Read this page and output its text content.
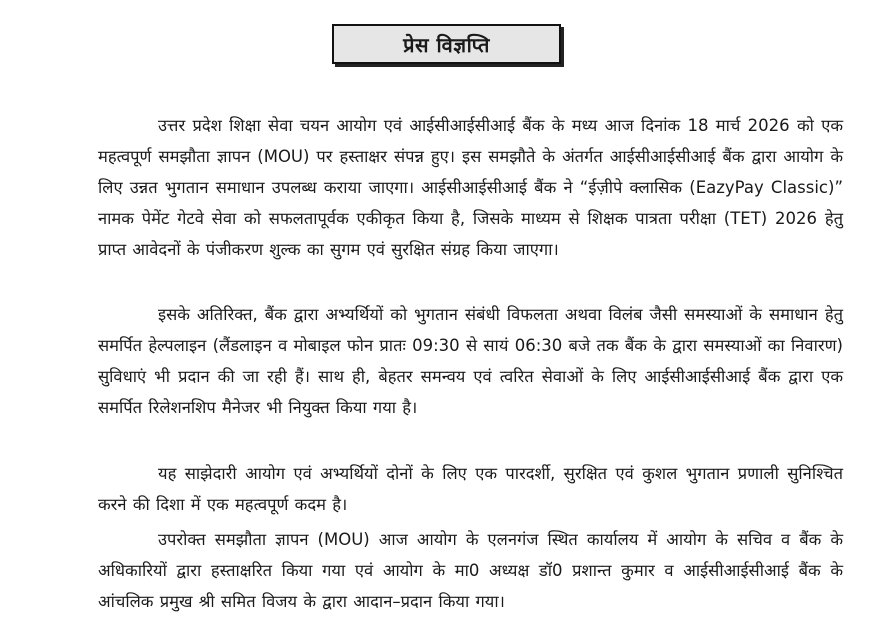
प्रेस विज्ञप्ति

उत्तर प्रदेश शिक्षा सेवा चयन आयोग एवं आईसीआईसीआई बैंक के मध्य आज दिनांक 18 मार्च 2026 को एक महत्वपूर्ण समझौता ज्ञापन (MOU) पर हस्ताक्षर संपन्न हुए। इस समझौते के अंतर्गत आईसीआईसीआई बैंक द्वारा आयोग के लिए उन्नत भुगतान समाधान उपलब्ध कराया जाएगा। आईसीआईसीआई बैंक ने “ईज़ीपे क्लासिक (EazyPay Classic)” नामक पेमेंट गेटवे सेवा को सफलतापूर्वक एकीकृत किया है, जिसके माध्यम से शिक्षक पात्रता परीक्षा (TET) 2026 हेतु प्राप्त आवेदनों के पंजीकरण शुल्क का सुगम एवं सुरक्षित संग्रह किया जाएगा।

इसके अतिरिक्त, बैंक द्वारा अभ्यर्थियों को भुगतान संबंधी विफलता अथवा विलंब जैसी समस्याओं के समाधान हेतु समर्पित हेल्पलाइन (लैंडलाइन व मोबाइल फोन प्रातः 09:30 से सायं 06:30 बजे तक बैंक के द्वारा समस्याओं का निवारण) सुविधाएं भी प्रदान की जा रही हैं। साथ ही, बेहतर समन्वय एवं त्वरित सेवाओं के लिए आईसीआईसीआई बैंक द्वारा एक समर्पित रिलेशनशिप मैनेजर भी नियुक्त किया गया है।

यह साझेदारी आयोग एवं अभ्यर्थियों दोनों के लिए एक पारदर्शी, सुरक्षित एवं कुशल भुगतान प्रणाली सुनिश्चित करने की दिशा में एक महत्वपूर्ण कदम है।

उपरोक्त समझौता ज्ञापन (MOU) आज आयोग के एलनगंज स्थित कार्यालय में आयोग के सचिव व बैंक के अधिकारियों द्वारा हस्ताक्षरित किया गया एवं आयोग के मा0 अध्यक्ष डॉ0 प्रशान्त कुमार व आईसीआईसीआई बैंक के आंचलिक प्रमुख श्री समित विजय के द्वारा आदान–प्रदान किया गया।
